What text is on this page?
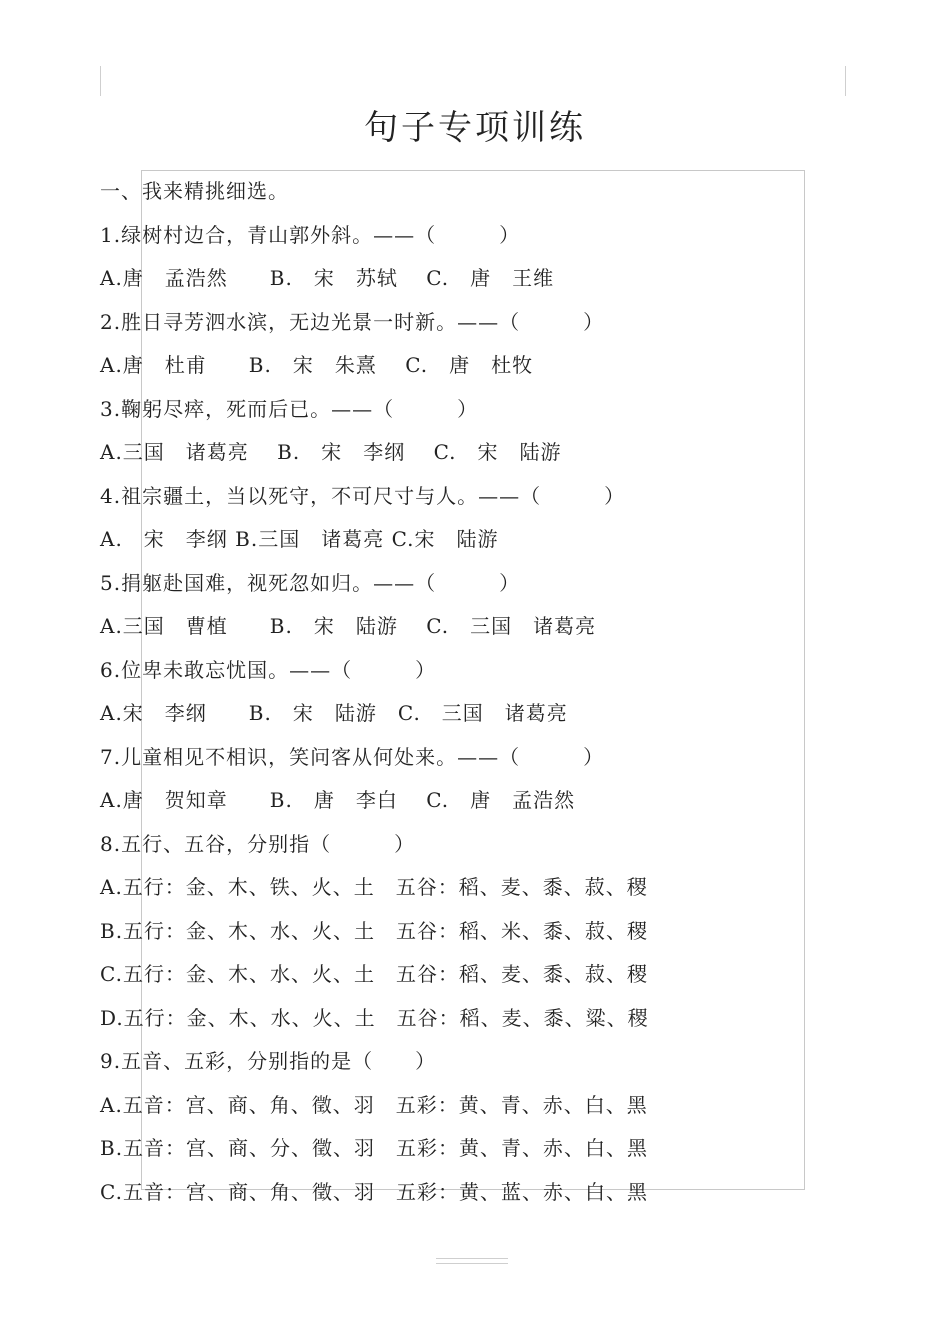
句子专项训练
一、我来精挑细选。
1.绿树村边合，青山郭外斜。——（　　　）
A.唐　孟浩然　　B.　宋　苏轼　 C.　唐　王维
2.胜日寻芳泗水滨，无边光景一时新。——（　　　）
A.唐　杜甫　　B.　宋　朱熹　 C.　唐　杜牧
3.鞠躬尽瘁，死而后已。——（　　　）
A.三国　诸葛亮　 B.　宋　李纲　 C.　宋　陆游
4.祖宗疆土，当以死守，不可尺寸与人。——（　　　）
A.　宋　李纲 B.三国　诸葛亮 C.宋　陆游
5.捐躯赴国难，视死忽如归。——（　　　）
A.三国　曹植　　B.　宋　陆游　 C.　三国　诸葛亮
6.位卑未敢忘忧国。——（　　　）
A.宋　李纲　　B.　宋　陆游　C.　三国　诸葛亮
7.儿童相见不相识，笑问客从何处来。——（　　　）
A.唐　贺知章　　B.　唐　李白　 C.　唐　孟浩然
8.五行、五谷，分别指（　　　）
A.五行：金、木、铁、火、土　五谷：稻、麦、黍、菽、稷
B.五行：金、木、水、火、土　五谷：稻、米、黍、菽、稷
C.五行：金、木、水、火、土　五谷：稻、麦、黍、菽、稷
D.五行：金、木、水、火、土　五谷：稻、麦、黍、粱、稷
9.五音、五彩，分别指的是（　　）
A.五音：宫、商、角、徵、羽　五彩：黄、青、赤、白、黑
B.五音：宫、商、分、徵、羽　五彩：黄、青、赤、白、黑
C.五音：宫、商、角、徵、羽　五彩：黄、蓝、赤、白、黑
